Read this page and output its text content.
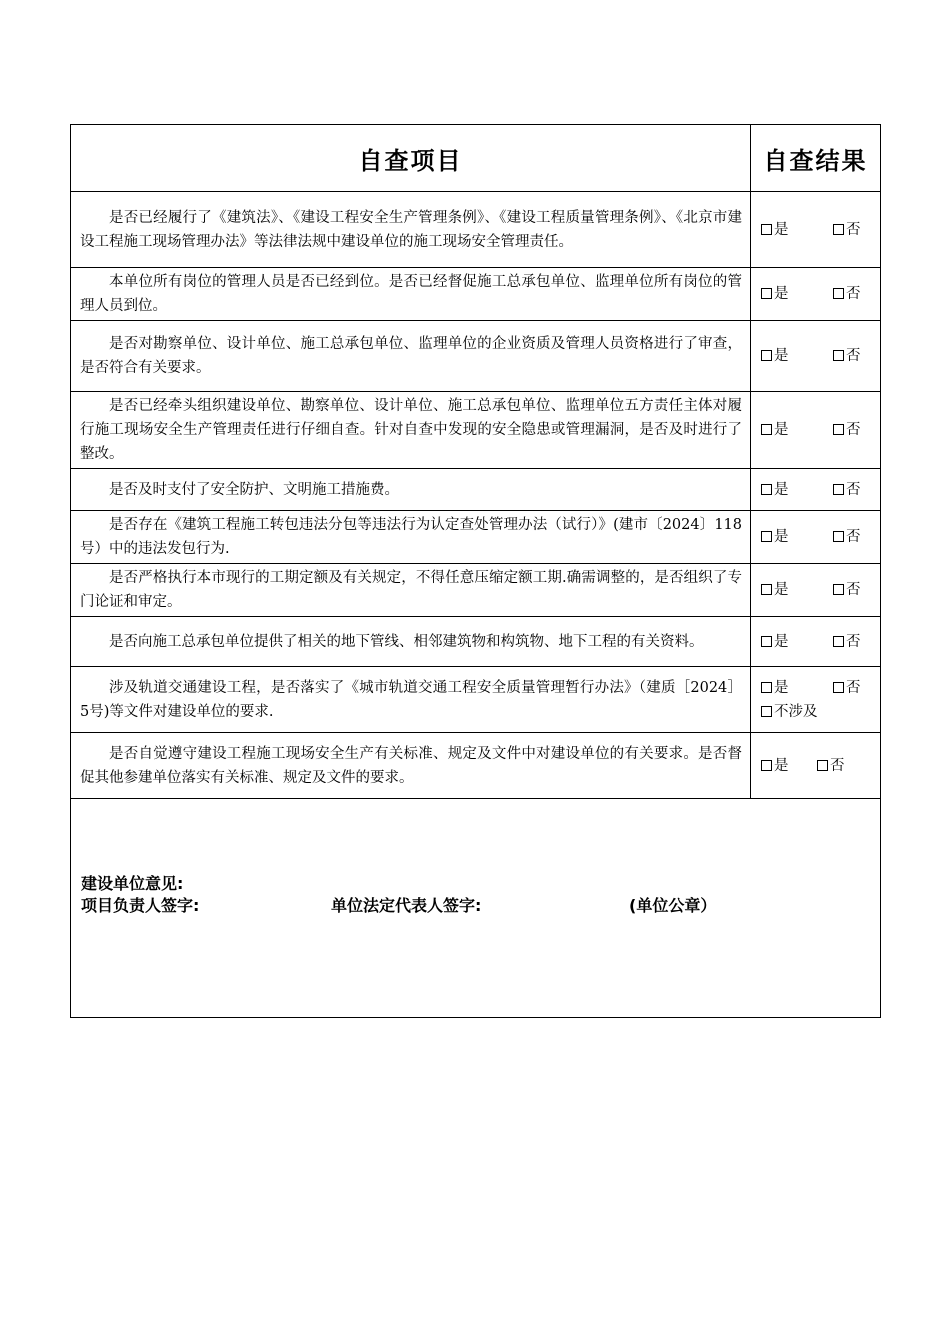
自查项目	自查结果
是否已经履行了《建筑法》、《建设工程安全生产管理条例》、《建设工程质量管理条例》、《北京市建设工程施工现场管理办法》等法律法规中建设单位的施工现场安全管理责任。	是 否
本单位所有岗位的管理人员是否已经到位。是否已经督促施工总承包单位、监理单位所有岗位的管理人员到位。	是 否
是否对勘察单位、设计单位、施工总承包单位、监理单位的企业资质及管理人员资格进行了审查，是否符合有关要求。	是 否
是否已经牵头组织建设单位、勘察单位、设计单位、施工总承包单位、监理单位五方责任主体对履行施工现场安全生产管理责任进行仔细自查。针对自查中发现的安全隐患或管理漏洞，是否及时进行了整改。	是 否
是否及时支付了安全防护、文明施工措施费。	是 否
是否存在《建筑工程施工转包违法分包等违法行为认定查处管理办法（试行）》(建市〔2024〕118号）中的违法发包行为.	是 否
是否严格执行本市现行的工期定额及有关规定，不得任意压缩定额工期.确需调整的，是否组织了专门论证和审定。	是 否
是否向施工总承包单位提供了相关的地下管线、相邻建筑物和构筑物、地下工程的有关资料。	是 否
涉及轨道交通建设工程，是否落实了《城市轨道交通工程安全质量管理暂行办法》（建质［2024］5号)等文件对建设单位的要求.	是 否
不涉及

是否自觉遵守建设工程施工现场安全生产有关标准、规定及文件中对建设单位的有关要求。是否督促其他参建单位落实有关标准、规定及文件的要求。	是 否

建设单位意见:
项目负责人签字: 单位法定代表人签字: (单位公章）	
